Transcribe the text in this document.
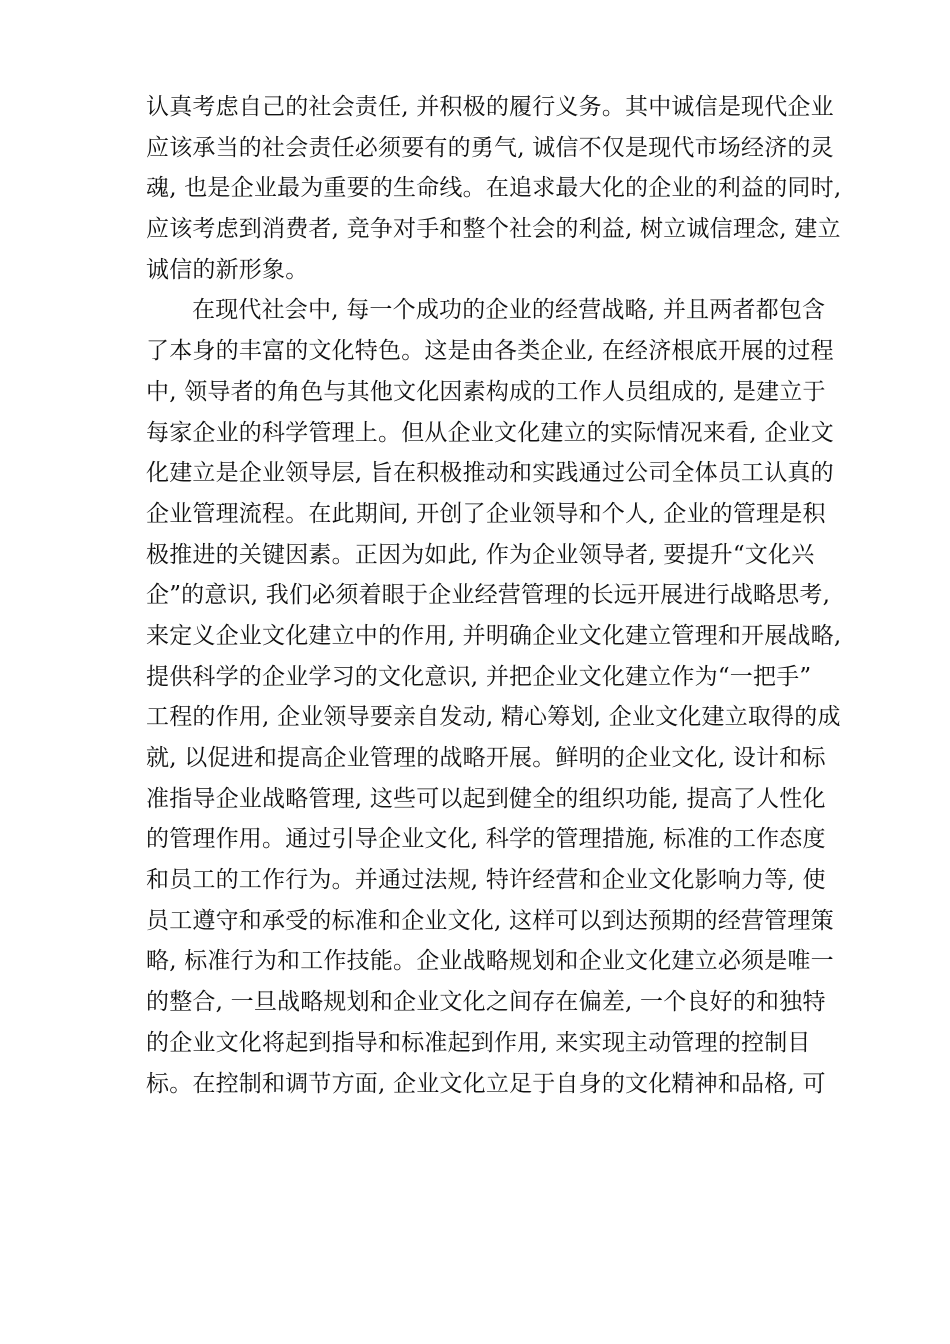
认真考虑自己的社会责任, 并积极的履行义务。其中诚信是现代企业
应该承当的社会责任必须要有的勇气, 诚信不仅是现代市场经济的灵
魂, 也是企业最为重要的生命线。在追求最大化的企业的利益的同时,
应该考虑到消费者, 竞争对手和整个社会的利益, 树立诚信理念, 建立
诚信的新形象。
在现代社会中, 每一个成功的企业的经营战略, 并且两者都包含
了本身的丰富的文化特色。这是由各类企业, 在经济根底开展的过程
中, 领导者的角色与其他文化因素构成的工作人员组成的, 是建立于
每家企业的科学管理上。但从企业文化建立的实际情况来看, 企业文
化建立是企业领导层, 旨在积极推动和实践通过公司全体员工认真的
企业管理流程。在此期间, 开创了企业领导和个人, 企业的管理是积
极推进的关键因素。正因为如此, 作为企业领导者, 要提升“文化兴
企”的意识, 我们必须着眼于企业经营管理的长远开展进行战略思考,
来定义企业文化建立中的作用, 并明确企业文化建立管理和开展战略,
提供科学的企业学习的文化意识, 并把企业文化建立作为“一把手”
工程的作用, 企业领导要亲自发动, 精心筹划, 企业文化建立取得的成
就, 以促进和提高企业管理的战略开展。鲜明的企业文化, 设计和标
准指导企业战略管理, 这些可以起到健全的组织功能, 提高了人性化
的管理作用。通过引导企业文化, 科学的管理措施, 标准的工作态度
和员工的工作行为。并通过法规, 特许经营和企业文化影响力等, 使
员工遵守和承受的标准和企业文化, 这样可以到达预期的经营管理策
略, 标准行为和工作技能。企业战略规划和企业文化建立必须是唯一
的整合, 一旦战略规划和企业文化之间存在偏差, 一个良好的和独特
的企业文化将起到指导和标准起到作用, 来实现主动管理的控制目
标。在控制和调节方面, 企业文化立足于自身的文化精神和品格, 可
